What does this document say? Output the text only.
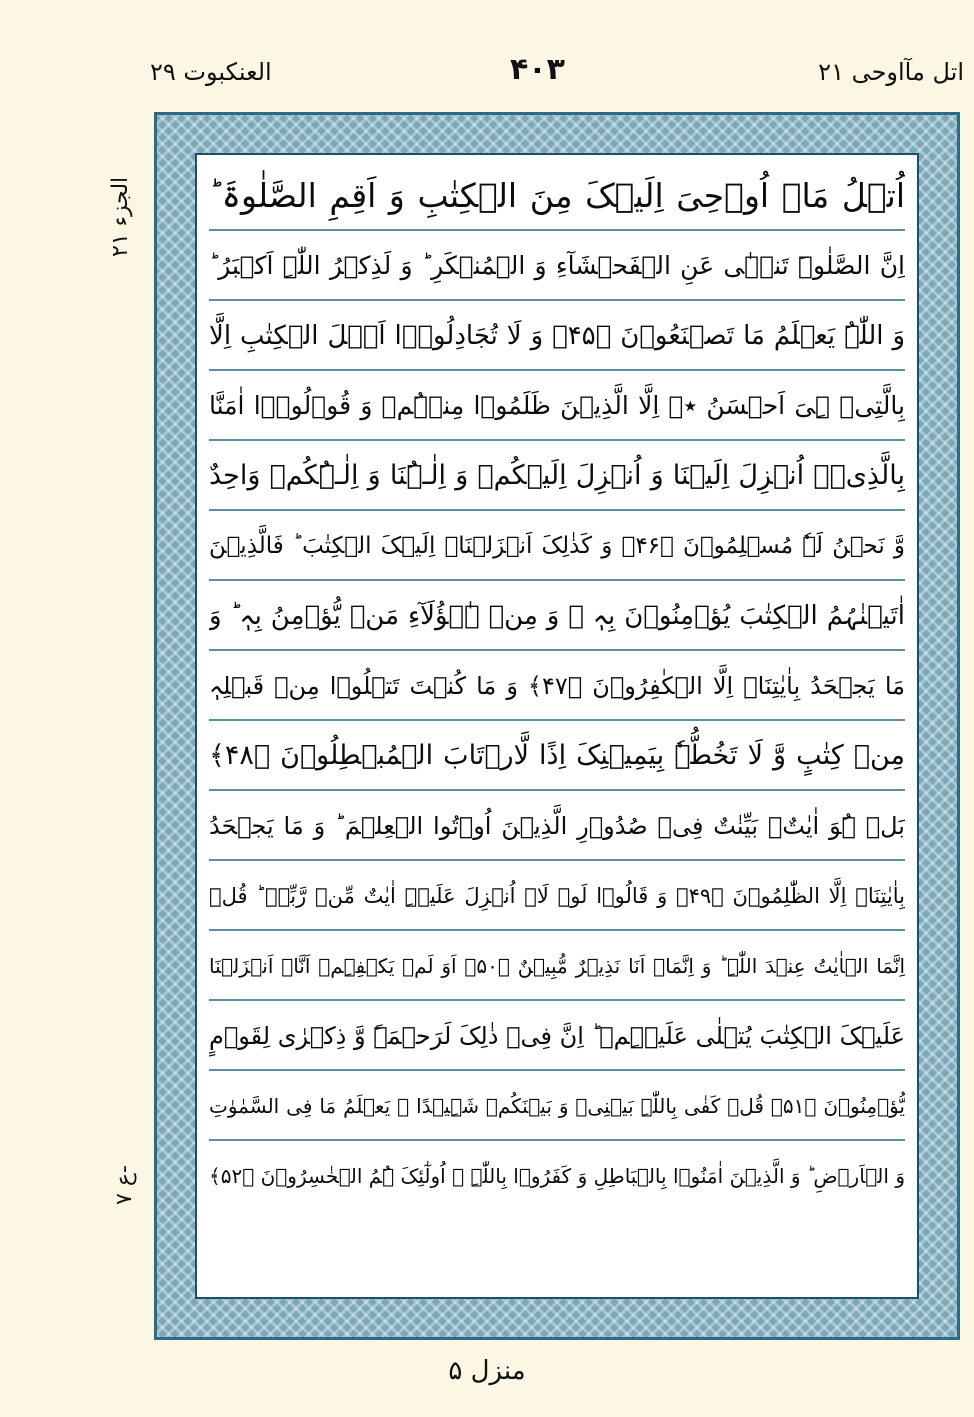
العنکبوت ٢٩	۴٠٣	اتل مآاوحی ٢١
الجزء ٢١
ع ٧-
اُتۡلُ مَاۤ اُوۡحِیَ اِلَیۡکَ مِنَ الۡکِتٰبِ وَ اَقِمِ الصَّلٰوۃَ ؕ
اِنَّ الصَّلٰوۃَ تَنۡہٰی عَنِ الۡفَحۡشَآءِ وَ الۡمُنۡکَرِ ؕ وَ لَذِکۡرُ اللّٰہِ اَکۡبَرُ ؕ
وَ اللّٰہُ یَعۡلَمُ مَا تَصۡنَعُوۡنَ ﴿۴۵﴾ وَ لَا تُجَادِلُوۡۤا اَہۡلَ الۡکِتٰبِ اِلَّا
بِالَّتِیۡ ہِیَ اَحۡسَنُ ٭ۖ اِلَّا الَّذِیۡنَ ظَلَمُوۡا مِنۡہُمۡ وَ قُوۡلُوۡۤا اٰمَنَّا
بِالَّذِیۡۤ اُنۡزِلَ اِلَیۡنَا وَ اُنۡزِلَ اِلَیۡکُمۡ وَ اِلٰـہُنَا وَ اِلٰـہُکُمۡ وَاحِدٌ
وَّ نَحۡنُ لَہٗ مُسۡلِمُوۡنَ ﴿۴۶﴾ وَ کَذٰلِکَ اَنۡزَلۡنَاۤ اِلَیۡکَ الۡکِتٰبَ ؕ فَالَّذِیۡنَ
اٰتَیۡنٰہُمُ الۡکِتٰبَ یُؤۡمِنُوۡنَ بِہٖ ۚ وَ مِنۡ ہٰۤؤُلَآءِ مَنۡ یُّؤۡمِنُ بِہٖ ؕ وَ
مَا یَجۡحَدُ بِاٰیٰتِنَاۤ اِلَّا الۡکٰفِرُوۡنَ ﴿۴۷﴾ وَ مَا کُنۡتَ تَتۡلُوۡا مِنۡ قَبۡلِہٖ
مِنۡ کِتٰبٍ وَّ لَا تَخُطُّہٗ بِیَمِیۡنِکَ اِذًا لَّارۡتَابَ الۡمُبۡطِلُوۡنَ ﴿۴۸﴾
بَلۡ ہُوَ اٰیٰتٌۢ بَیِّنٰتٌ فِیۡ صُدُوۡرِ الَّذِیۡنَ اُوۡتُوا الۡعِلۡمَ ؕ وَ مَا یَجۡحَدُ
بِاٰیٰتِنَاۤ اِلَّا الظّٰلِمُوۡنَ ﴿۴۹﴾ وَ قَالُوۡا لَوۡ لَاۤ اُنۡزِلَ عَلَیۡہِ اٰیٰتٌ مِّنۡ رَّبِّہٖ ؕ قُلۡ
اِنَّمَا الۡاٰیٰتُ عِنۡدَ اللّٰہِ ؕ وَ اِنَّمَاۤ اَنَا نَذِیۡرٌ مُّبِیۡنٌ ﴿۵۰﴾ اَوَ لَمۡ یَکۡفِہِمۡ اَنَّاۤ اَنۡزَلۡنَا
عَلَیۡکَ الۡکِتٰبَ یُتۡلٰی عَلَیۡہِمۡ ؕ اِنَّ فِیۡ ذٰلِکَ لَرَحۡمَۃً وَّ ذِکۡرٰی لِقَوۡمٍ
یُّؤۡمِنُوۡنَ ﴿۵۱﴾ قُلۡ کَفٰی بِاللّٰہِ بَیۡنِیۡ وَ بَیۡنَکُمۡ شَہِیۡدًا ۚ یَعۡلَمُ مَا فِی السَّمٰوٰتِ
وَ الۡاَرۡضِ ؕ وَ الَّذِیۡنَ اٰمَنُوۡا بِالۡبَاطِلِ وَ کَفَرُوۡا بِاللّٰہِ ۙ اُولٰٓئِکَ ہُمُ الۡخٰسِرُوۡنَ ﴿۵۲﴾
منزل ۵
